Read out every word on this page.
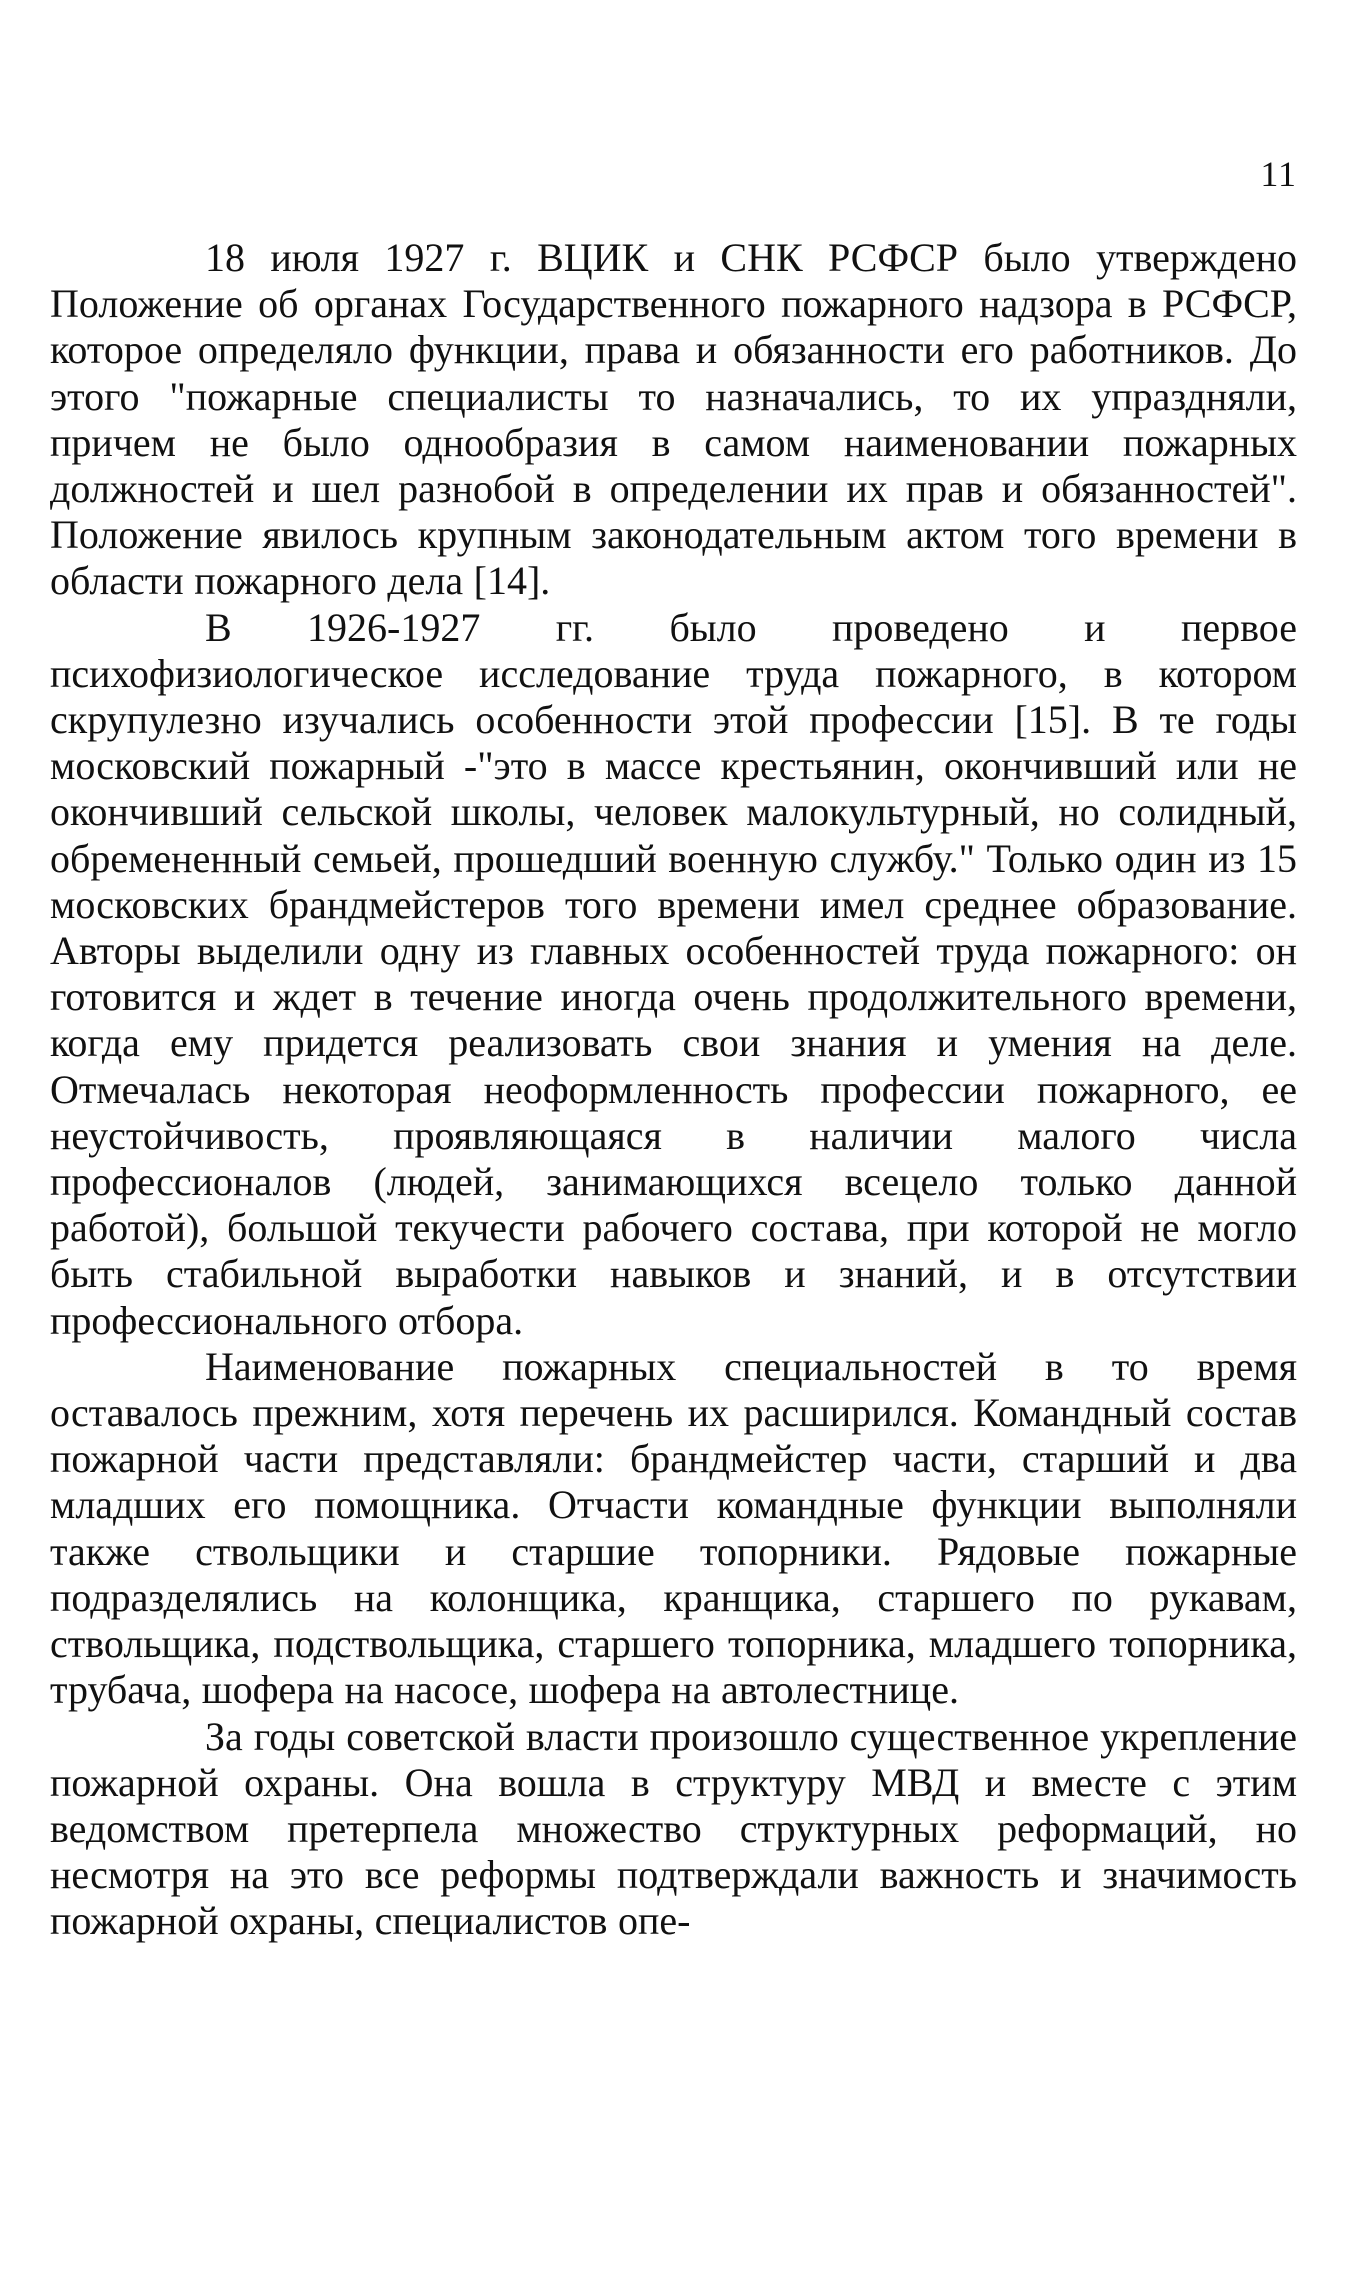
11

18 июля 1927 г. ВЦИК и СНК РСФСР было утверждено Положение об органах Государственного пожарного надзора в РСФСР, которое определяло функции, права и обязанности его работников. До этого "пожарные специалисты то назначались, то их упраздняли, причем не было однообразия в самом наименовании пожарных должностей и шел разнобой в определении их прав и обязанностей". Положение явилось крупным законодательным актом того времени в области пожарного дела [14].

В 1926-1927 гг. было проведено и первое психофизиологическое исследование труда пожарного, в котором скрупулезно изучались особенности этой профессии [15]. В те годы московский пожарный -"это в массе крестьянин, окончивший или не окончивший сельской школы, человек малокультурный, но солидный, обремененный семьей, прошедший военную службу." Только один из 15 московских брандмейстеров того времени имел среднее образование. Авторы выделили одну из главных особенностей труда пожарного: он готовится и ждет в течение иногда очень продолжительного времени, когда ему придется реализовать свои знания и умения на деле. Отмечалась некоторая неоформленность профессии пожарного, ее неустойчивость, проявляющаяся в наличии малого числа профессионалов (людей, занимающихся всецело только данной работой), большой текучести рабочего состава, при которой не могло быть стабильной выработки навыков и знаний, и в отсутствии профессионального отбора.

Наименование пожарных специальностей в то время оставалось прежним, хотя перечень их расширился. Командный состав пожарной части представляли: брандмейстер части, старший и два младших его помощника. Отчасти командные функции выполняли также ствольщики и старшие топорники. Рядовые пожарные подразделялись на колонщика, кранщика, старшего по рукавам, ствольщика, подствольщика, старшего топорника, младшего топорника, трубача, шофера на насосе, шофера на автолестнице.

За годы советской власти произошло существенное укрепление пожарной охраны. Она вошла в структуру МВД и вместе с этим ведомством претерпела множество структурных реформаций, но несмотря на это все реформы подтверждали важность и значимость пожарной охраны, специалистов опе-
